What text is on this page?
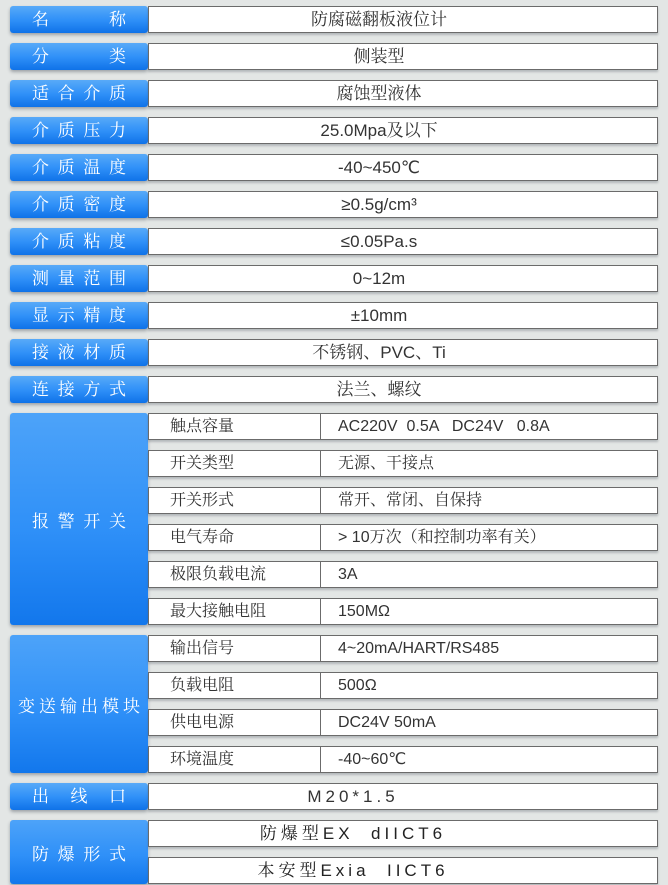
名称	防腐磁翻板液位计
分类	侧装型
适合介质	腐蚀型液体
介质压力	25.0Mpa及以下
介质温度	-40~450℃
介质密度	≥0.5g/cm³
介质粘度	≤0.05Pa.s
测量范围	0~12m
显示精度	±10mm
接液材质	不锈钢、PVC、Ti
连接方式	法兰、螺纹
报警开关
触点容量	AC220V  0.5A   DC24V   0.8A
开关类型	无源、干接点
开关形式	常开、常闭、自保持
电气寿命	> 10万次（和控制功率有关）
极限负载电流	3A
最大接触电阻	150MΩ
变送输出模块
输出信号	4~20mA/HART/RS485
负载电阻	500Ω
供电电源	DC24V 50mA
环境温度	-40~60℃
出线口	M20*1.5
防爆形式
防爆型EX  dIICT6
本安型Exia  IICT6
